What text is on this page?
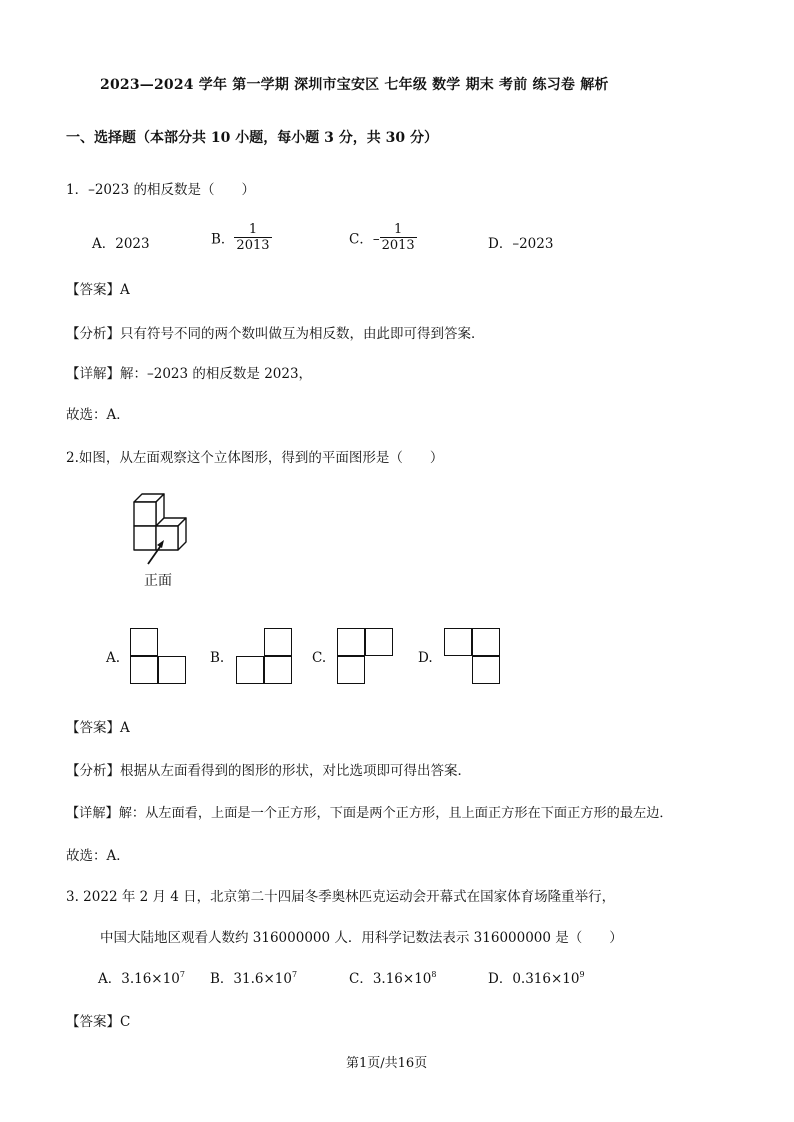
2023—2024 学年 第一学期 深圳市宝安区 七年级 数学 期末 考前 练习卷 解析
一、选择题（本部分共 10 小题，每小题 3 分，共 30 分）
1．–2023 的相反数是（　　）
A．2023	B． $\frac{1}{2013}$	C．– $\frac{1}{2013}$	D．–2023
【答案】A
【分析】只有符号不同的两个数叫做互为相反数，由此即可得到答案．
【详解】解：–2023 的相反数是 2023，
故选：A．
2.如图，从左面观察这个立体图形，得到的平面图形是（　　）
正面
A.	B.	C.	D.
【答案】A
【分析】根据从左面看得到的图形的形状，对比选项即可得出答案．
【详解】解：从左面看，上面是一个正方形，下面是两个正方形，且上面正方形在下面正方形的最左边．
故选：A．
3. 2022 年 2 月 4 日，北京第二十四届冬季奥林匹克运动会开幕式在国家体育场隆重举行，
中国大陆地区观看人数约 316000000 人．用科学记数法表示 316000000 是（　　）
A．$3.16\times 10^7$ B．$31.6\times 10^7$	C．$3.16\times 10^8$	D．$0.316\times 10^9$
【答案】C
第1页/共16页
